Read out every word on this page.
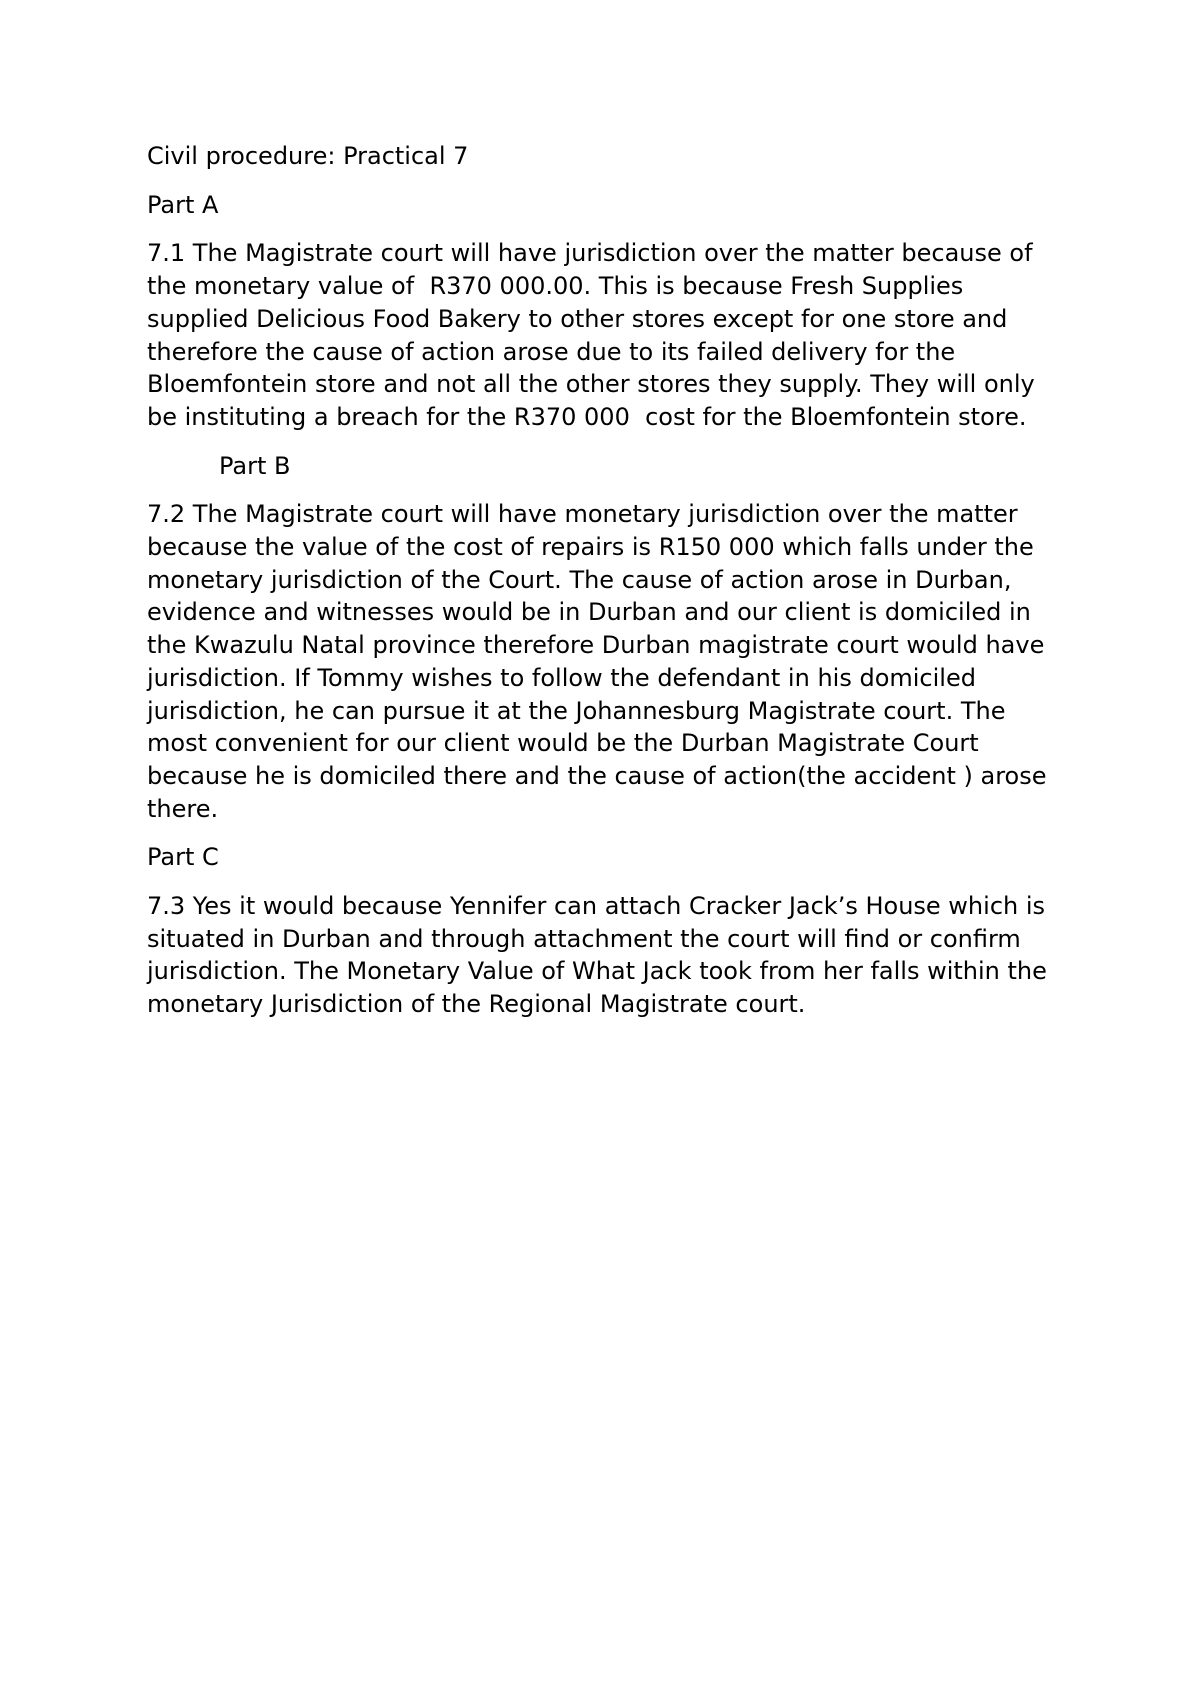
Civil procedure: Practical 7

Part A

7.1 The Magistrate court will have jurisdiction over the matter because of the monetary value of  R370 000.00. This is because Fresh Supplies supplied Delicious Food Bakery to other stores except for one store and therefore the cause of action arose due to its failed delivery for the Bloemfontein store and not all the other stores they supply. They will only be instituting a breach for the R370 000  cost for the Bloemfontein store.

Part B

7.2 The Magistrate court will have monetary jurisdiction over the matter because the value of the cost of repairs is R150 000 which falls under the monetary jurisdiction of the Court. The cause of action arose in Durban, evidence and witnesses would be in Durban and our client is domiciled in the Kwazulu Natal province therefore Durban magistrate court would have jurisdiction. If Tommy wishes to follow the defendant in his domiciled jurisdiction, he can pursue it at the Johannesburg Magistrate court. The most convenient for our client would be the Durban Magistrate Court because he is domiciled there and the cause of action(the accident ) arose there.

Part C

7.3 Yes it would because Yennifer can attach Cracker Jack’s House which is situated in Durban and through attachment the court will find or confirm jurisdiction. The Monetary Value of What Jack took from her falls within the monetary Jurisdiction of the Regional Magistrate court.
